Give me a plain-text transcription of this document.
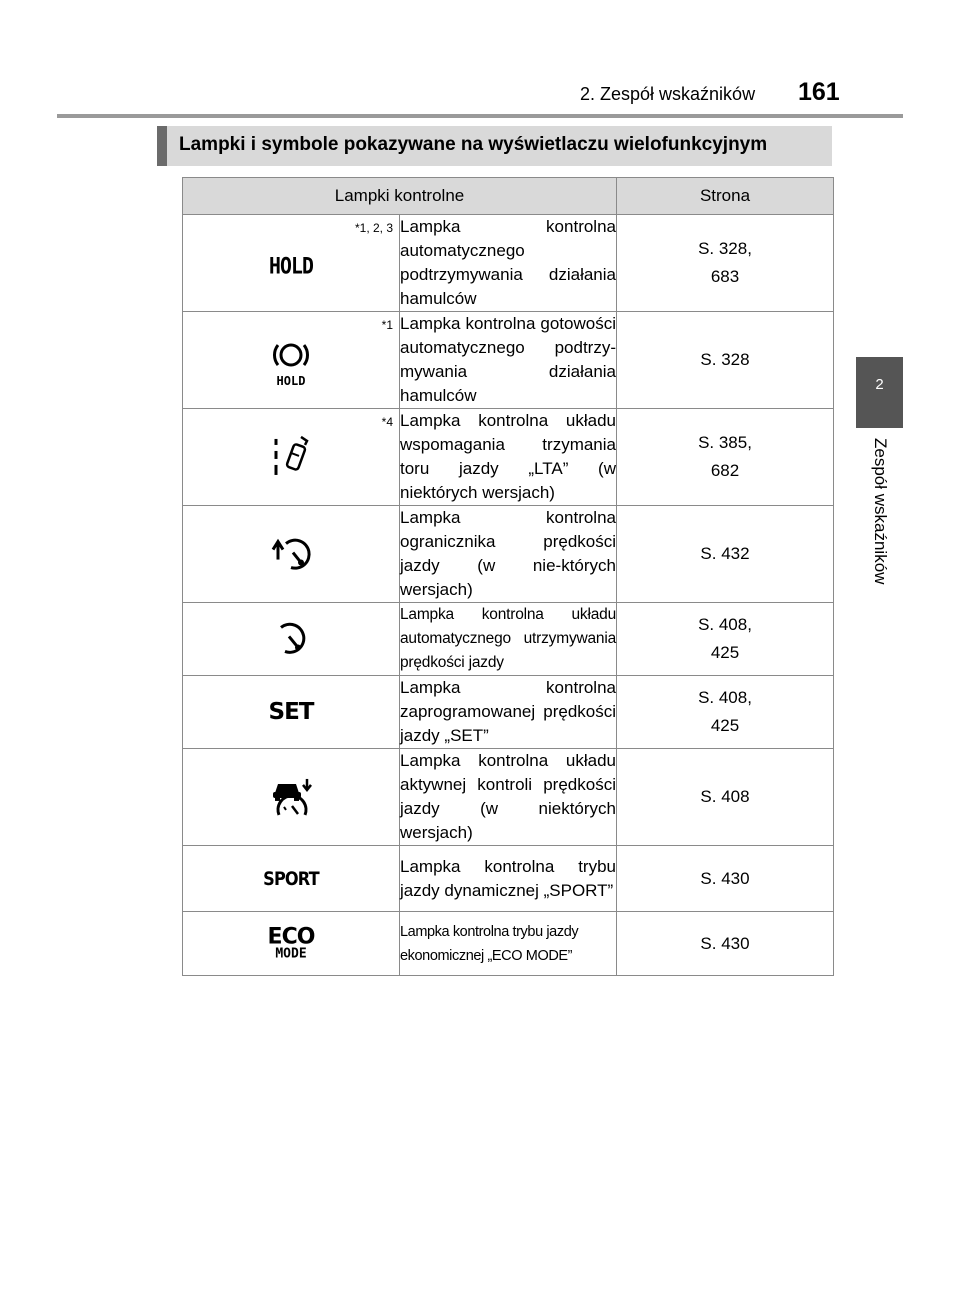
2. Zespół wskaźników 161
2
Zespół wskaźników
Lampki i symbole pokazywane na wyświetlaczu wielofunkcyjnym
Lampki kontrolne		Strona

*1, 2, 3
HOLD	Lampka kontrolna automatycznego podtrzymywania działania hamulców	S. 328,
683

*1
HOLD	Lampka kontrolna gotowości automatycznego podtrzy-mywania działania hamulców	S. 328

*4	Lampka kontrolna układu wspomagania trzymania toru jazdy „LTA” (w niektórych wersjach)	S. 385,
682

	Lampka kontrolna ogranicznika prędkości jazdy (w nie-których wersjach)	S. 432

	Lampka kontrolna układu automatycznego utrzymywania prędkości jazdy	S. 408,
425

SET	Lampka kontrolna zaprogramowanej prędkości jazdy „SET”	S. 408,
425

	Lampka kontrolna układu aktywnej kontroli prędkości jazdy (w niektórych wersjach)	S. 408

SPORT	Lampka kontrolna trybu jazdy dynamicznej „SPORT”	S. 430

ECO
MODE	Lampka kontrolna trybu jazdy ekonomicznej „ECO MODE”	S. 430
